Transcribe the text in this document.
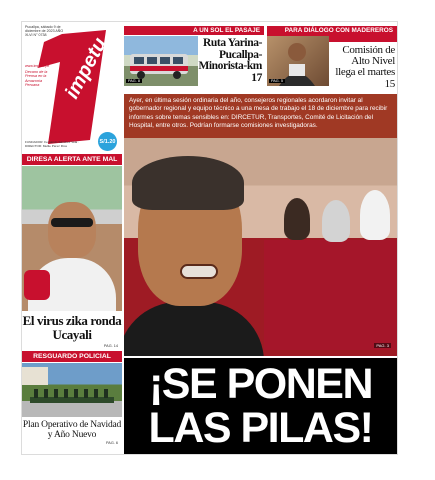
impetu
Pucallpa, sábado 9 de diciembre de 2023 AÑO XLVI N° 0738
www.impetu.pe
Decano de la Prensa en la Amazonía Peruana
FUNDADOR: Fernando Sánchez Vela · DIRECTOR: Mellie Pérez Ríos
S/1.20
A UN SOL EL PASAJE
PAG. 8
Ruta Yarina-Pucallpa-Minorista-km 17
PARA DIÁLOGO CON MADEREROS
PAG. 5
Comisión de Alto Nivel llega el martes 15
DIRESA ALERTA ANTE MAL
El virus zika ronda Ucayali
PAG. 14
RESGUARDO POLICIAL
Plan Operativo de Navidad y Año Nuevo
PAG. 6
Ayer, en última sesión ordinaria del año, consejeros regionales acordaron invitar al gobernador regional y equipo técnico a una mesa de trabajo el 18 de diciembre para recibir informes sobre temas sensibles en: DIRCETUR, Transportes, Comité de Licitación del Hospital, entre otros. Podrían formarse comisiones investigadoras.
PAG. 3
¡SE PONEN
LAS PILAS!
